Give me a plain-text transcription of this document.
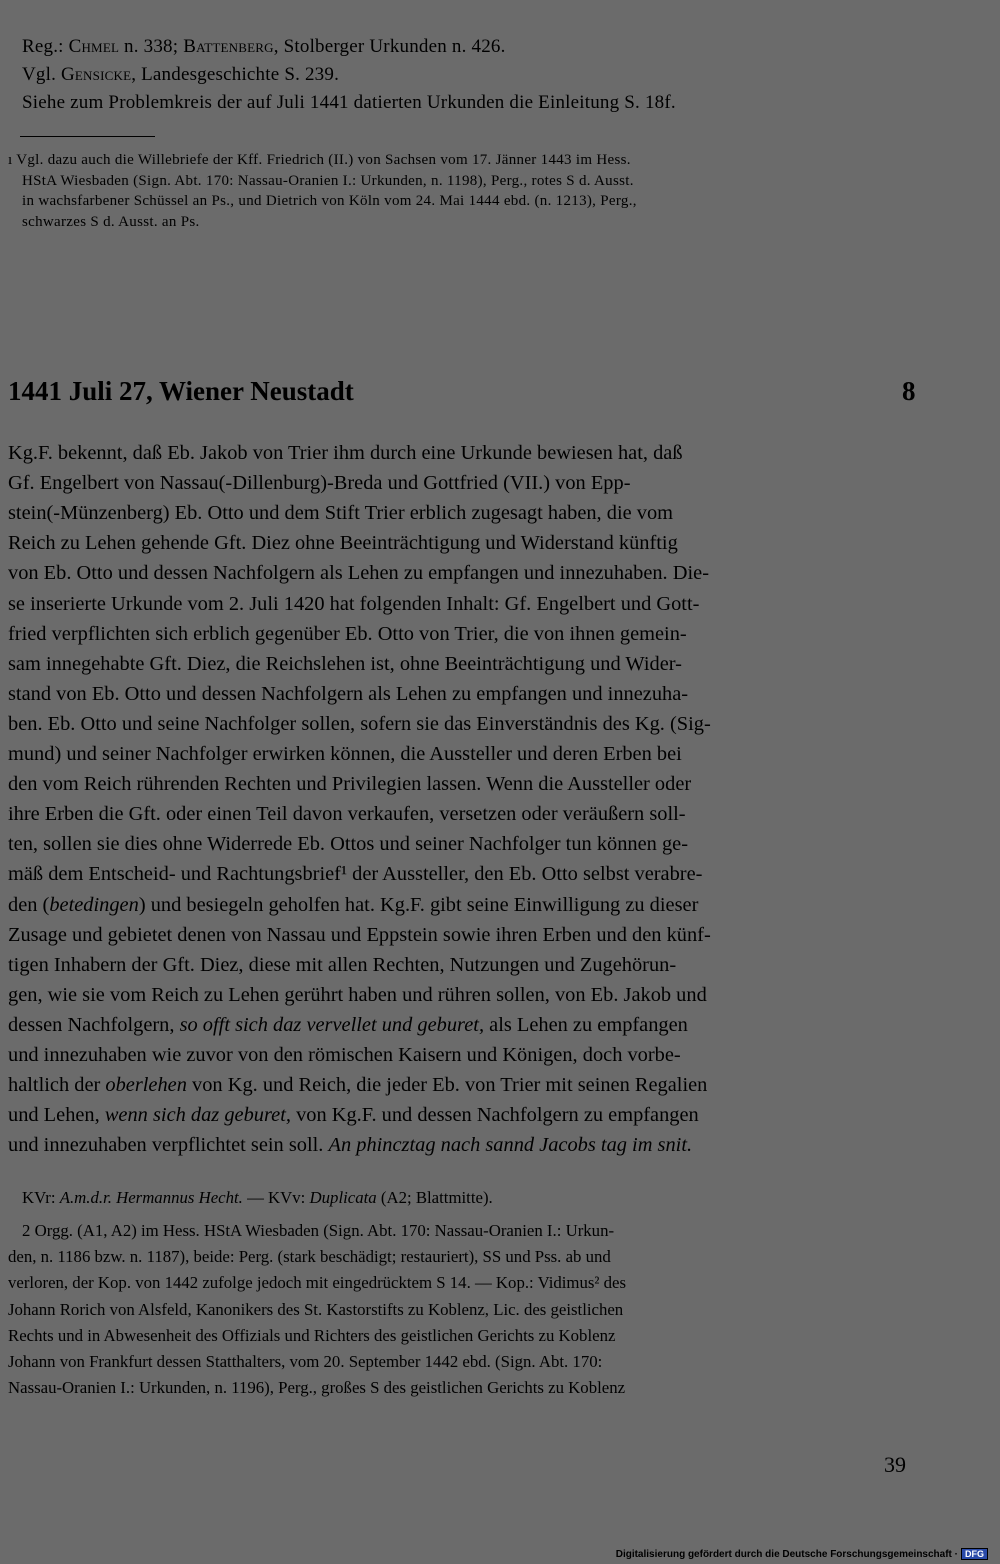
1441 Juli 27, Wiener Neustadt	8
39
Digitalisierung gefördert durch die Deutsche Forschungsgemeinschaft · DFG
Reg.: Chmel n. 338; Battenberg, Stolberger Urkunden n. 426.
Vgl. Gensicke, Landesgeschichte S. 239.
Siehe zum Problemkreis der auf Juli 1441 datierten Urkunden die Einleitung S. 18f.
ı Vgl. dazu auch die Willebriefe der Kff. Friedrich (II.) von Sachsen vom 17. Jänner 1443 im Hess.
HStA Wiesbaden (Sign. Abt. 170: Nassau-Oranien I.: Urkunden, n. 1198), Perg., rotes S d. Ausst.
in wachsfarbener Schüssel an Ps., und Dietrich von Köln vom 24. Mai 1444 ebd. (n. 1213), Perg.,
schwarzes S d. Ausst. an Ps.
Kg.F. bekennt, daß Eb. Jakob von Trier ihm durch eine Urkunde bewiesen hat, daß
Gf. Engelbert von Nassau(-Dillenburg)-Breda und Gottfried (VII.) von Epp-
stein(-Münzenberg) Eb. Otto und dem Stift Trier erblich zugesagt haben, die vom
Reich zu Lehen gehende Gft. Diez ohne Beeinträchtigung und Widerstand künftig
von Eb. Otto und dessen Nachfolgern als Lehen zu empfangen und innezuhaben. Die-
se inserierte Urkunde vom 2. Juli 1420 hat folgenden Inhalt: Gf. Engelbert und Gott-
fried verpflichten sich erblich gegenüber Eb. Otto von Trier, die von ihnen gemein-
sam innegehabte Gft. Diez, die Reichslehen ist, ohne Beeinträchtigung und Wider-
stand von Eb. Otto und dessen Nachfolgern als Lehen zu empfangen und innezuha-
ben. Eb. Otto und seine Nachfolger sollen, sofern sie das Einverständnis des Kg. (Sig-
mund) und seiner Nachfolger erwirken können, die Aussteller und deren Erben bei
den vom Reich rührenden Rechten und Privilegien lassen. Wenn die Aussteller oder
ihre Erben die Gft. oder einen Teil davon verkaufen, versetzen oder veräußern soll-
ten, sollen sie dies ohne Widerrede Eb. Ottos und seiner Nachfolger tun können ge-
mäß dem Entscheid- und Rachtungsbrief¹ der Aussteller, den Eb. Otto selbst verabre-
den (betedingen) und besiegeln geholfen hat. Kg.F. gibt seine Einwilligung zu dieser
Zusage und gebietet denen von Nassau und Eppstein sowie ihren Erben und den künf-
tigen Inhabern der Gft. Diez, diese mit allen Rechten, Nutzungen und Zugehörun-
gen, wie sie vom Reich zu Lehen gerührt haben und rühren sollen, von Eb. Jakob und
dessen Nachfolgern, so offt sich daz vervellet und geburet, als Lehen zu empfangen
und innezuhaben wie zuvor von den römischen Kaisern und Königen, doch vorbe-
haltlich der oberlehen von Kg. und Reich, die jeder Eb. von Trier mit seinen Regalien
und Lehen, wenn sich daz geburet, von Kg.F. und dessen Nachfolgern zu empfangen
und innezuhaben verpflichtet sein soll. An phincztag nach sannd Jacobs tag im snit.
KVr: A.m.d.r. Hermannus Hecht. — KVv: Duplicata (A2; Blattmitte).
2 Orgg. (A1, A2) im Hess. HStA Wiesbaden (Sign. Abt. 170: Nassau-Oranien I.: Urkun-
den, n. 1186 bzw. n. 1187), beide: Perg. (stark beschädigt; restauriert), SS und Pss. ab und
verloren, der Kop. von 1442 zufolge jedoch mit eingedrücktem S 14. — Kop.: Vidimus² des
Johann Rorich von Alsfeld, Kanonikers des St. Kastorstifts zu Koblenz, Lic. des geistlichen
Rechts und in Abwesenheit des Offizials und Richters des geistlichen Gerichts zu Koblenz
Johann von Frankfurt dessen Statthalters, vom 20. September 1442 ebd. (Sign. Abt. 170:
Nassau-Oranien I.: Urkunden, n. 1196), Perg., großes S des geistlichen Gerichts zu Koblenz
